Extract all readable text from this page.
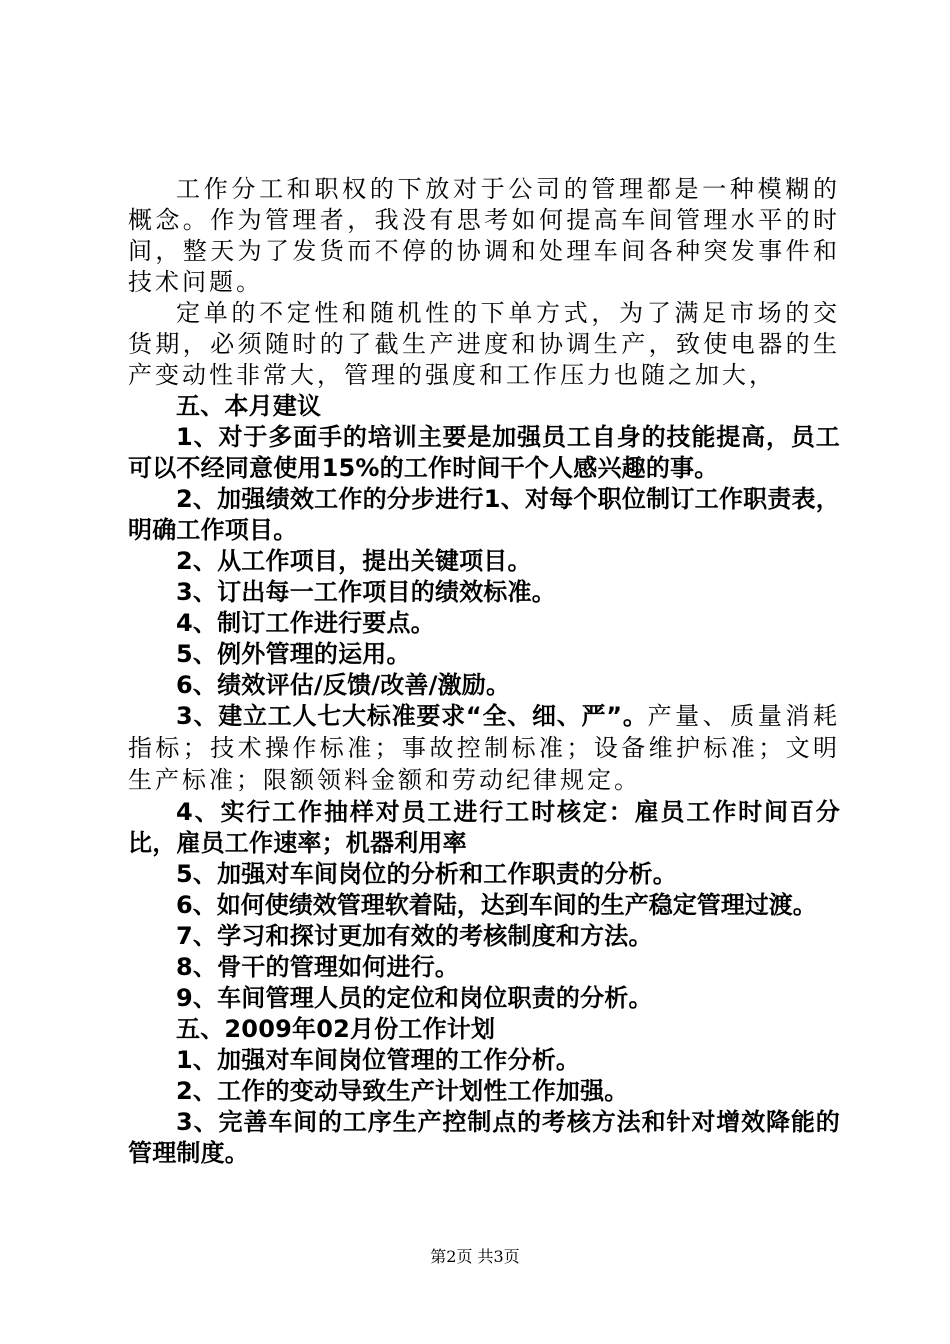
工作分工和职权的下放对于公司的管理都是一种模糊的概念。作为管理者，我没有思考如何提高车间管理水平的时间，整天为了发货而不停的协调和处理车间各种突发事件和技术问题。

定单的不定性和随机性的下单方式，为了满足市场的交货期，必须随时的了截生产进度和协调生产，致使电器的生产变动性非常大，管理的强度和工作压力也随之加大，

五、本月建议

1、对于多面手的培训主要是加强员工自身的技能提高，员工可以不经同意使用15%的工作时间干个人感兴趣的事。

2、加强绩效工作的分步进行1、对每个职位制订工作职责表，明确工作项目。

2、从工作项目，提出关键项目。

3、订出每一工作项目的绩效标准。

4、制订工作进行要点。

5、例外管理的运用。

6、绩效评估/反馈/改善/激励。

3、建立工人七大标准要求“全、细、严”。产量、质量消耗指标；技术操作标准；事故控制标准；设备维护标准；文明生产标准；限额领料金额和劳动纪律规定。

4、实行工作抽样对员工进行工时核定：雇员工作时间百分比，雇员工作速率；机器利用率

5、加强对车间岗位的分析和工作职责的分析。

6、如何使绩效管理软着陆，达到车间的生产稳定管理过渡。

7、学习和探讨更加有效的考核制度和方法。

8、骨干的管理如何进行。

9、车间管理人员的定位和岗位职责的分析。

五、2009年02月份工作计划

1、加强对车间岗位管理的工作分析。

2、工作的变动导致生产计划性工作加强。

3、完善车间的工序生产控制点的考核方法和针对增效降能的管理制度。

第2页 共3页
